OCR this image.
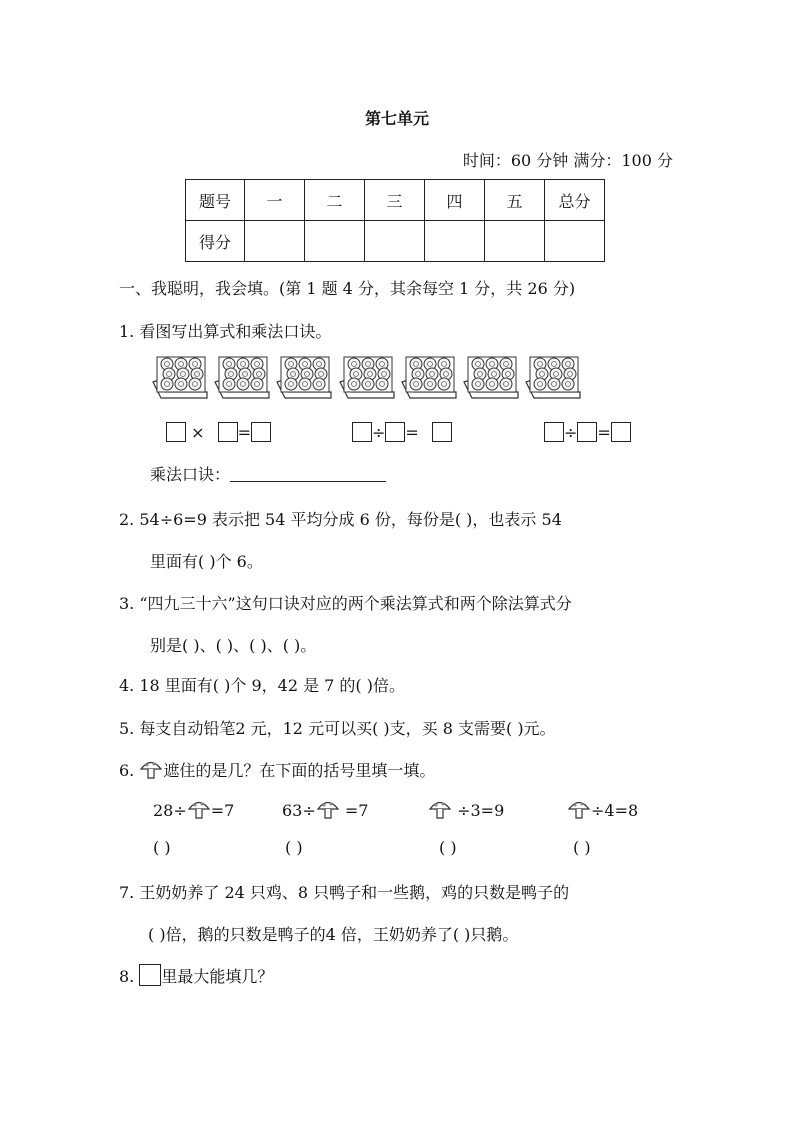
第七单元
时间：60 分钟 满分：100 分
题号	一	二	三	四	五	总分
得分						
一、我聪明，我会填。(第 1 题 4 分，其余每空 1 分，共 26 分)
1. 看图写出算式和乘法口诀。
× =	÷ =	÷ =
乘法口诀：
2. 54÷6=9 表示把 54 平均分成 6 份，每份是( )，也表示 54
里面有( )个 6。
3. “四九三十六”这句口诀对应的两个乘法算式和两个除法算式分
别是( )、( )、( )、( )。
4. 18 里面有( )个 9，42 是 7 的( )倍。
5. 每支自动铅笔2 元，12 元可以买( )支，买 8 支需要( )元。
6. 遮住的是几？在下面的括号里填一填。
28÷ =7	63÷ =7	÷3=9	÷4=8
( )	( )	( )	( )
7. 王奶奶养了 24 只鸡、8 只鸭子和一些鹅，鸡的只数是鸭子的
( )倍，鹅的只数是鸭子的4 倍，王奶奶养了( )只鹅。
8. 里最大能填几？
